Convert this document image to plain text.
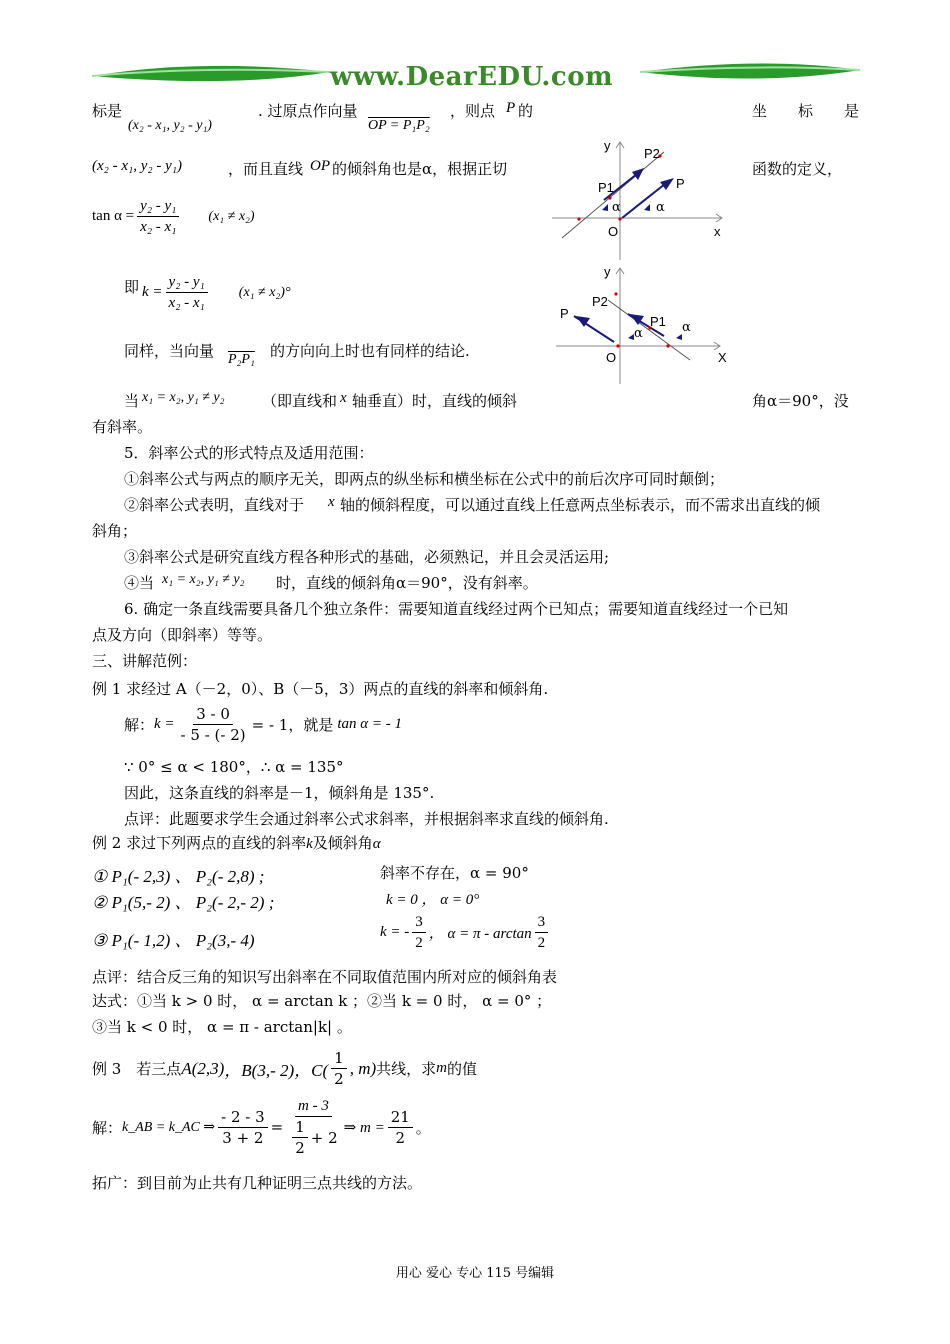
www.DearEDU.com
y
x
O
P2
P1	P
α	α
y
X
O
P2
P
P1
α	α
标是
(x₂ - x₁, y₂ - y₁)
. 过原点作向量
OP = P₁P₂
，则点 P 的	坐　标　是
(x₂ - x₁, y₂ - y₁)	，而且直线 OP 的倾斜角也是α，根据正切	函数的定义，
$\tan \alpha = \frac{\text{y₂ - y₁}}{\text{x₂ - x₁}} (x_1 \ne x_2)$
即 $k = \frac{\text{y₂ - y₁}}{\text{x₂ - x₁}} (x_1 \ne x_2)^\circ$
同样，当向量 P₂P₁ 的方向向上时也有同样的结论.
当 x₁ = x₂, y₁ ≠ y₂	（即直线和 x 轴垂直）时，直线的倾斜	角α＝90°，没
有斜率。
5．斜率公式的形式特点及适用范围：
①斜率公式与两点的顺序无关，即两点的纵坐标和横坐标在公式中的前后次序可同时颠倒；
②斜率公式表明，直线对于 x 轴的倾斜程度，可以通过直线上任意两点坐标表示，而不需求出直线的倾
斜角；
③斜率公式是研究直线方程各种形式的基础，必须熟记，并且会灵活运用;
④当 x₁ = x₂, y₁ ≠ y₂ 时，直线的倾斜角α＝90°，没有斜率。
6. 确定一条直线需要具备几个独立条件：需要知道直线经过两个已知点；需要知道直线经过一个已知
点及方向（即斜率）等等。
三、讲解范例：
例 1 求经过 A（－2，0）、B（－5，3）两点的直线的斜率和倾斜角.
解： $k = \frac{3 - 0}{- 5 - (- 2)}$ = - 1 ，就是 tan α = - 1
∵ 0° ≤ α < 180°，∴ α = 135°
因此，这条直线的斜率是－1，倾斜角是 135°.
点评：此题要求学生会通过斜率公式求斜率，并根据斜率求直线的倾斜角.
例 2 求过下列两点的直线的斜率k及倾斜角α
① P₁(- 2,3) 、 P₂(- 2,8) ;	斜率不存在，α = 90°
② P₁(5,- 2) 、 P₂(- 2,- 2) ;	k = 0 ， α = 0°
③ P₁(- 1,2) 、 P₂(3,- 4)	k = - $\frac{3}{2}$ ， $\alpha = \pi - \arctan \frac{3}{2}$
点评：结合反三角的知识写出斜率在不同取值范围内所对应的倾斜角表
达式：①当 k > 0 时， α = arctan k ；②当 k = 0 时， α = 0° ；
③当 k < 0 时， α = π - arctan|k| 。
例 3　若三点 A(2,3) ，B(3,- 2) ，$C( \frac{1}{2}$ , m) 共线，求 m 的值
解： k_AB = k_AC ⇒ $\frac{- 2 - 3}{3 + 2} = \frac{m - 3}{\frac{1}{2} + 2}$ ⇒ $m = \frac{21}{2}$ 。
拓广：到目前为止共有几种证明三点共线的方法。
用心 爱心 专心 115 号编辑
